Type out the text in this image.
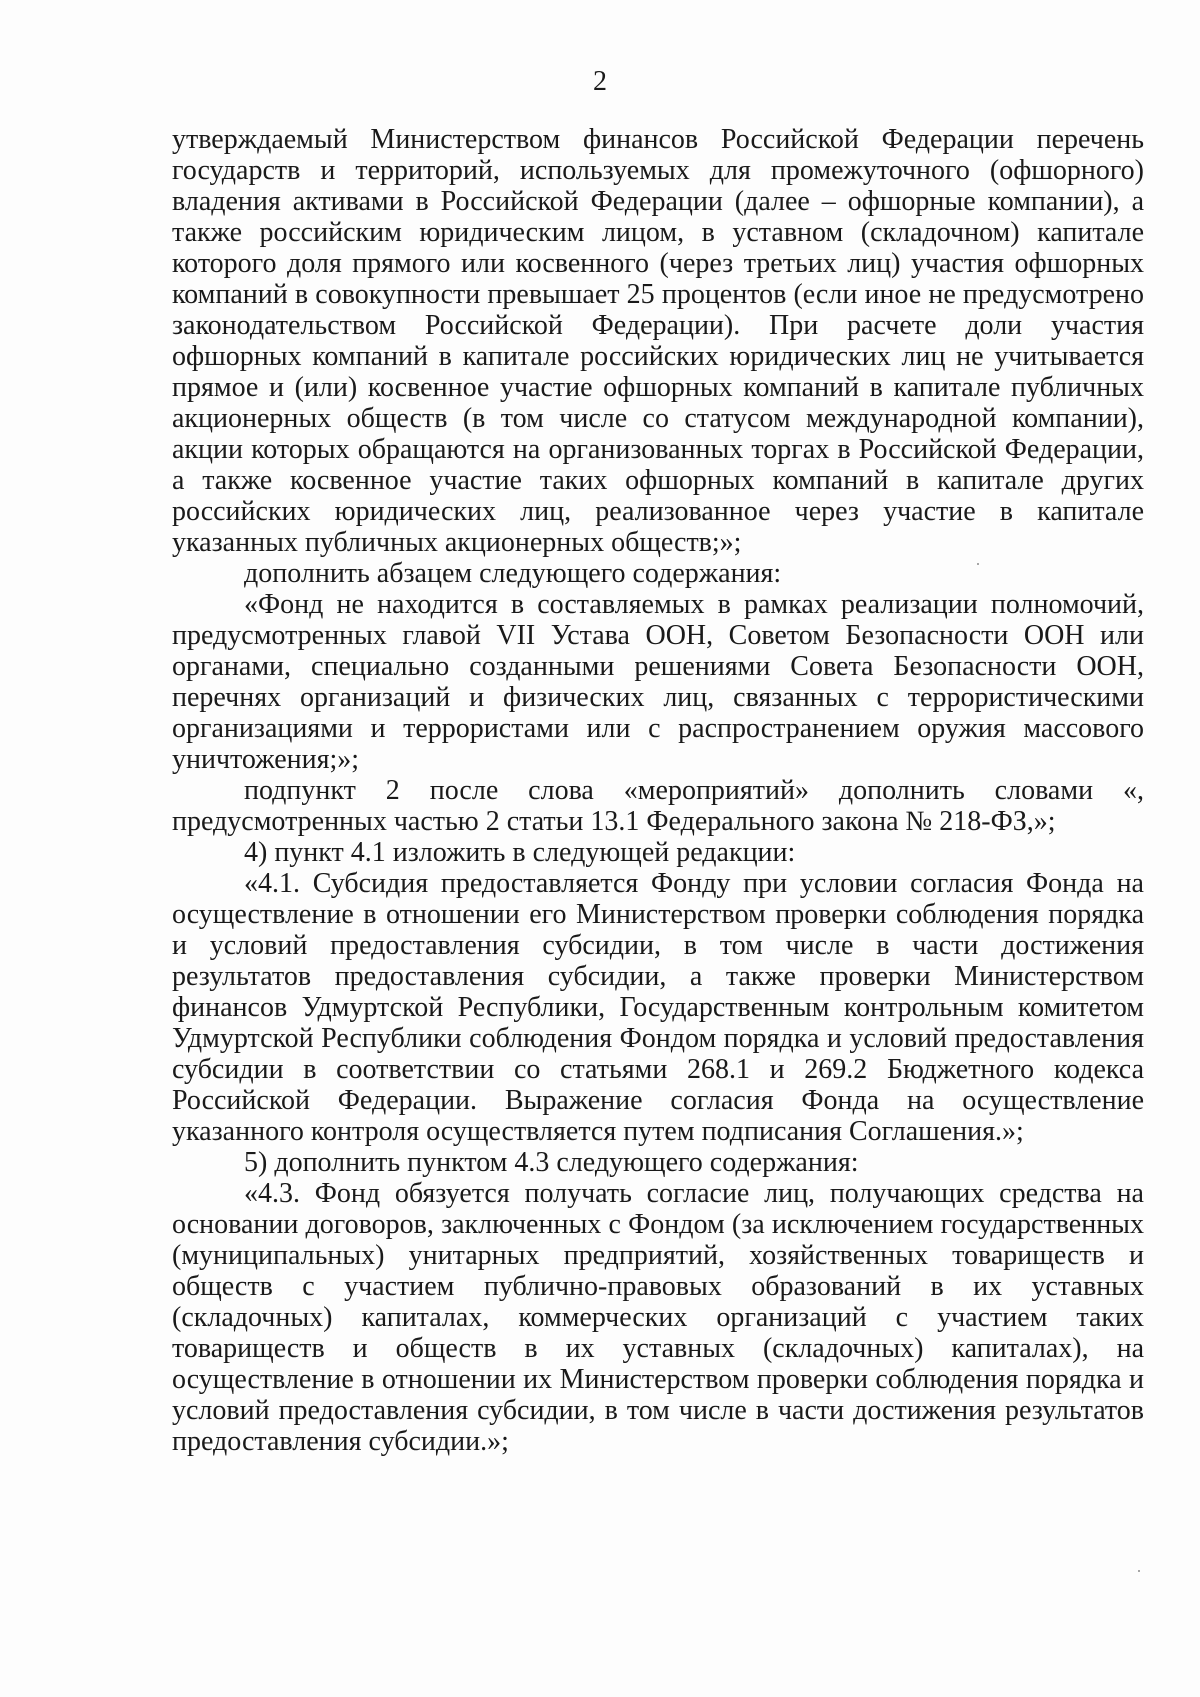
2

утверждаемый Министерством финансов Российской Федерации перечень государств и территорий, используемых для промежуточного (офшорного) владения активами в Российской Федерации (далее – офшорные компании), а также российским юридическим лицом, в уставном (складочном) капитале которого доля прямого или косвенного (через третьих лиц) участия офшорных компаний в совокупности превышает 25 процентов (если иное не предусмотрено законодательством Российской Федерации). При расчете доли участия офшорных компаний в капитале российских юридических лиц не учитывается прямое и (или) косвенное участие офшорных компаний в капитале публичных акционерных обществ (в том числе со статусом международной компании), акции которых обращаются на организованных торгах в Российской Федерации, а также косвенное участие таких офшорных компаний в капитале других российских юридических лиц, реализованное через участие в капитале указанных публичных акционерных обществ;»;

дополнить абзацем следующего содержания:

«Фонд не находится в составляемых в рамках реализации полномочий, предусмотренных главой VII Устава ООН, Советом Безопасности ООН или органами, специально созданными решениями Совета Безопасности ООН, перечнях организаций и физических лиц, связанных с террористическими организациями и террористами или с распространением оружия массового уничтожения;»;

подпункт 2 после слова «мероприятий» дополнить словами «, предусмотренных частью 2 статьи 13.1 Федерального закона № 218-ФЗ,»;

4) пункт 4.1 изложить в следующей редакции:

«4.1. Субсидия предоставляется Фонду при условии согласия Фонда на осуществление в отношении его Министерством проверки соблюдения порядка и условий предоставления субсидии, в том числе в части достижения результатов предоставления субсидии, а также проверки Министерством финансов Удмуртской Республики, Государственным контрольным комитетом Удмуртской Республики соблюдения Фондом порядка и условий предоставления субсидии в соответствии со статьями 268.1 и 269.2 Бюджетного кодекса Российской Федерации. Выражение согласия Фонда на осуществление указанного контроля осуществляется путем подписания Соглашения.»;

5) дополнить пунктом 4.3 следующего содержания:

«4.3. Фонд обязуется получать согласие лиц, получающих средства на основании договоров, заключенных с Фондом (за исключением государственных (муниципальных) унитарных предприятий, хозяйственных товариществ и обществ с участием публично-правовых образований в их уставных (складочных) капиталах, коммерческих организаций с участием таких товариществ и обществ в их уставных (складочных) капиталах), на осуществление в отношении их Министерством проверки соблюдения порядка и условий предоставления субсидии, в том числе в части достижения результатов предоставления субсидии.»;
